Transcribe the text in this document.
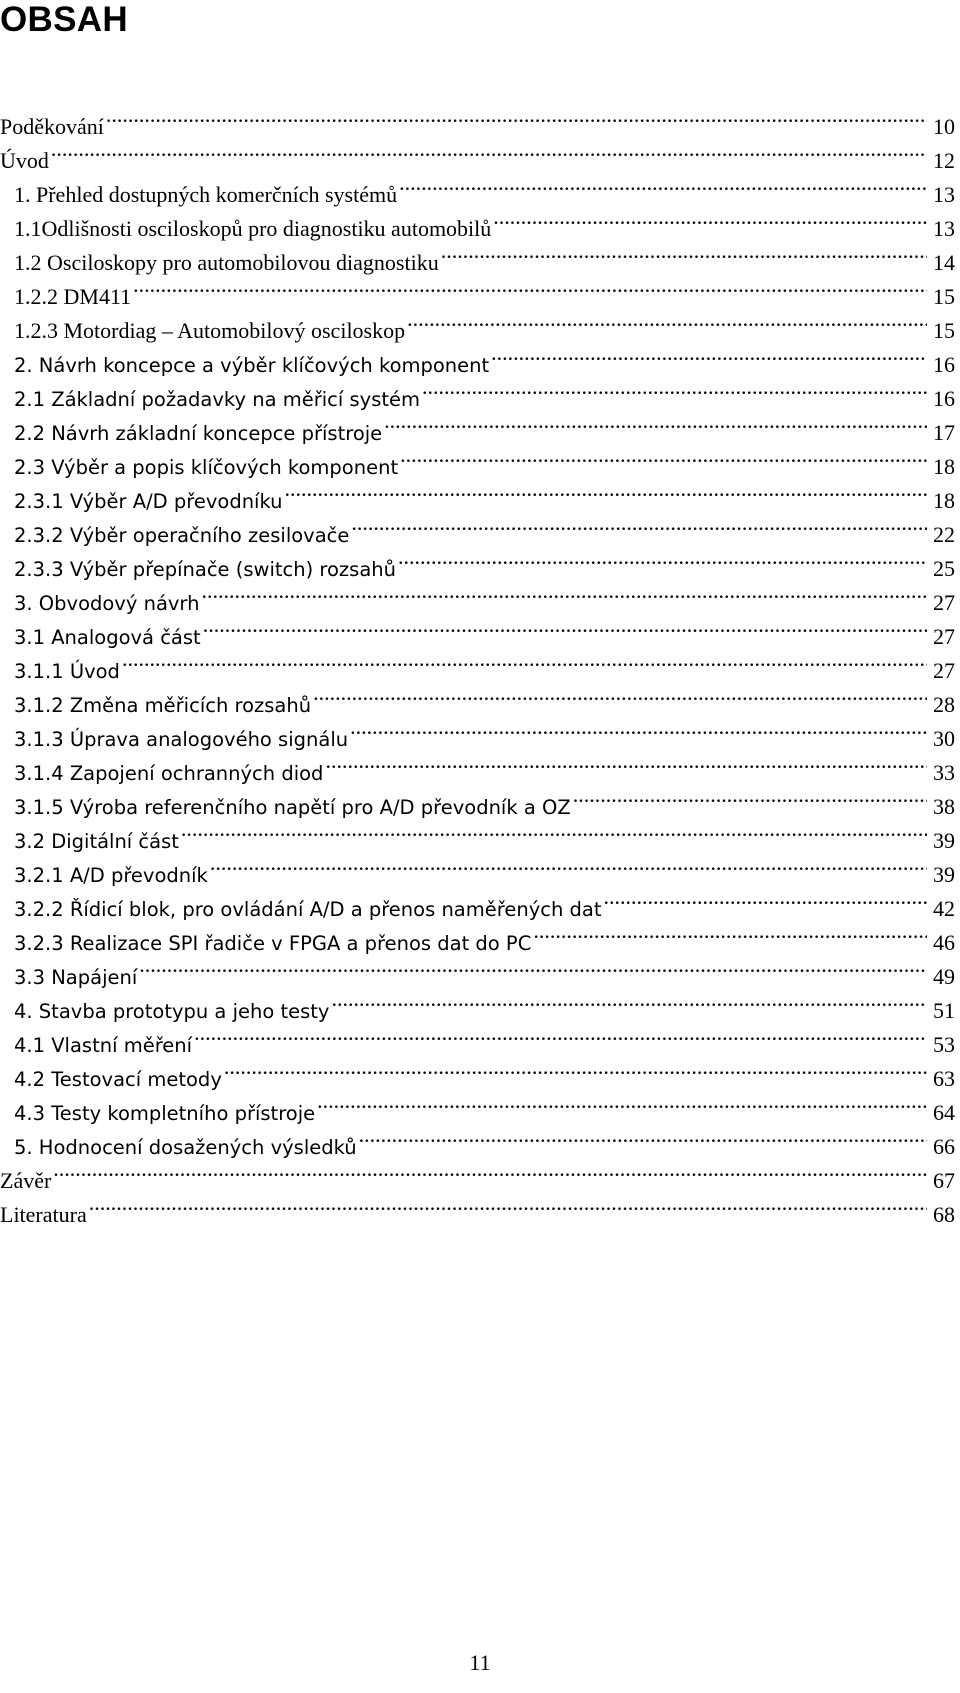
OBSAH
Poděkování .....	10
Úvod .....	12
1. Přehled dostupných komerčních systémů .....	13
1.1Odlišnosti osciloskopů pro diagnostiku automobilů .....	13
1.2 Osciloskopy pro automobilovou diagnostiku .....	14
1.2.2 DM411 .....	15
1.2.3 Motordiag – Automobilový osciloskop .....	15
2. Návrh koncepce a výběr klíčových komponent .....	16
2.1 Základní požadavky na měřicí systém .....	16
2.2 Návrh základní koncepce přístroje .....	17
2.3 Výběr a popis klíčových komponent .....	18
2.3.1 Výběr A/D převodníku .....	18
2.3.2 Výběr operačního zesilovače .....	22
2.3.3 Výběr přepínače (switch) rozsahů .....	25
3. Obvodový návrh .....	27
3.1 Analogová část .....	27
3.1.1 Úvod .....	27
3.1.2 Změna měřicích rozsahů .....	28
3.1.3 Úprava analogového signálu .....	30
3.1.4 Zapojení ochranných diod .....	33
3.1.5 Výroba referenčního napětí pro A/D převodník a OZ .....	38
3.2 Digitální část .....	39
3.2.1 A/D převodník .....	39
3.2.2 Řídicí blok, pro ovládání A/D a přenos naměřených dat .....	42
3.2.3 Realizace SPI řadiče v FPGA a přenos dat do PC .....	46
3.3 Napájení .....	49
4. Stavba prototypu a jeho testy .....	51
4.1 Vlastní měření .....	53
4.2 Testovací metody .....	63
4.3 Testy kompletního přístroje .....	64
5. Hodnocení dosažených výsledků .....	66
Závěr .....	67
Literatura .....	68
11
